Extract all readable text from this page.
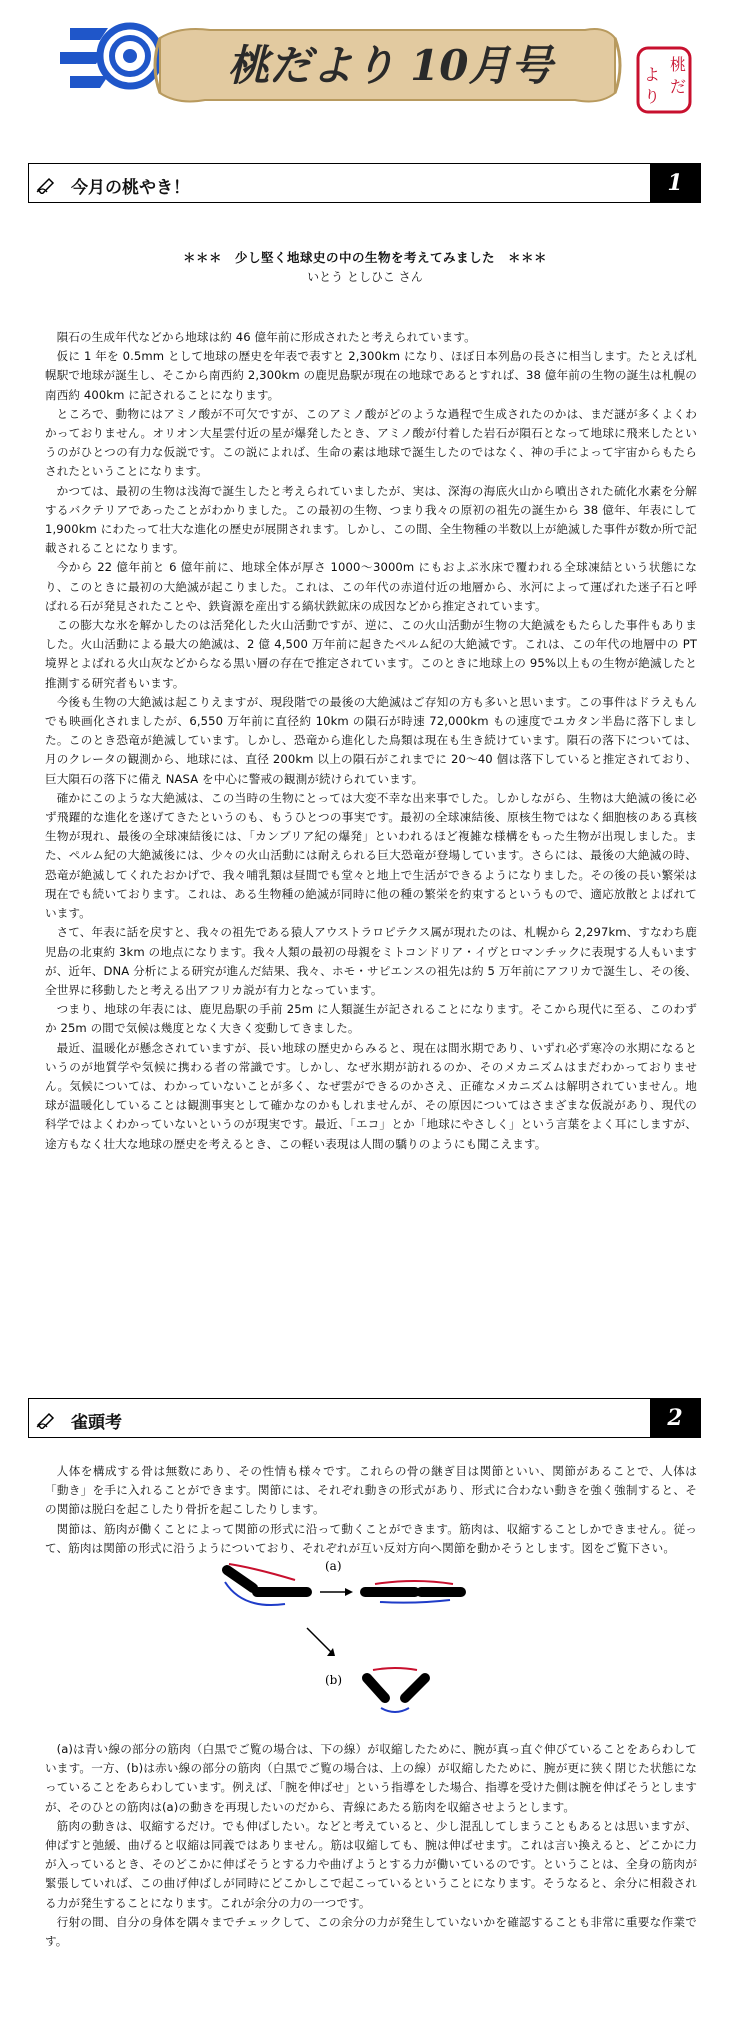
桃だより 10月号	桃
だ
よ
り
今月の桃やき！	1
＊＊＊　少し堅く地球史の中の生物を考えてみました　＊＊＊
いとう としひこ さん

隕石の生成年代などから地球は約 46 億年前に形成されたと考えられています。

仮に 1 年を 0.5mm として地球の歴史を年表で表すと 2,300km になり、ほぼ日本列島の長さに相当します。たとえば札幌駅で地球が誕生し、そこから南西約 2,300km の鹿児島駅が現在の地球であるとすれば、38 億年前の生物の誕生は札幌の南西約 400km に記されることになります。

ところで、動物にはアミノ酸が不可欠ですが、このアミノ酸がどのような過程で生成されたのかは、まだ謎が多くよくわかっておりません。オリオン大星雲付近の星が爆発したとき、アミノ酸が付着した岩石が隕石となって地球に飛来したというのがひとつの有力な仮説です。この説によれば、生命の素は地球で誕生したのではなく、神の手によって宇宙からもたらされたということになります。

かつては、最初の生物は浅海で誕生したと考えられていましたが、実は、深海の海底火山から噴出された硫化水素を分解するバクテリアであったことがわかりました。この最初の生物、つまり我々の原初の祖先の誕生から 38 億年、年表にして 1,900km にわたって壮大な進化の歴史が展開されます。しかし、この間、全生物種の半数以上が絶滅した事件が数か所で記載されることになります。

今から 22 億年前と 6 億年前に、地球全体が厚さ 1000～3000m にもおよぶ氷床で覆われる全球凍結という状態になり、このときに最初の大絶滅が起こりました。これは、この年代の赤道付近の地層から、氷河によって運ばれた迷子石と呼ばれる石が発見されたことや、鉄資源を産出する縞状鉄鉱床の成因などから推定されています。

この膨大な氷を解かしたのは活発化した火山活動ですが、逆に、この火山活動が生物の大絶滅をもたらした事件もありました。火山活動による最大の絶滅は、2 億 4,500 万年前に起きたペルム紀の大絶滅です。これは、この年代の地層中の PT 境界とよばれる火山灰などからなる黒い層の存在で推定されています。このときに地球上の 95%以上もの生物が絶滅したと推測する研究者もいます。

今後も生物の大絶滅は起こりえますが、現段階での最後の大絶滅はご存知の方も多いと思います。この事件はドラえもんでも映画化されましたが、6,550 万年前に直径約 10km の隕石が時速 72,000km もの速度でユカタン半島に落下しました。このとき恐竜が絶滅しています。しかし、恐竜から進化した鳥類は現在も生き続けています。隕石の落下については、月のクレータの観測から、地球には、直径 200km 以上の隕石がこれまでに 20～40 個は落下していると推定されており、巨大隕石の落下に備え NASA を中心に警戒の観測が続けられています。

確かにこのような大絶滅は、この当時の生物にとっては大変不幸な出来事でした。しかしながら、生物は大絶滅の後に必ず飛躍的な進化を遂げてきたというのも、もうひとつの事実です。最初の全球凍結後、原核生物ではなく細胞核のある真核生物が現れ、最後の全球凍結後には、「カンブリア紀の爆発」といわれるほど複雑な様構をもった生物が出現しました。また、ペルム紀の大絶滅後には、少々の火山活動には耐えられる巨大恐竜が登場しています。さらには、最後の大絶滅の時、恐竜が絶滅してくれたおかげで、我々哺乳類は昼間でも堂々と地上で生活ができるようになりました。その後の長い繁栄は現在でも続いております。これは、ある生物種の絶滅が同時に他の種の繁栄を約束するというもので、適応放散とよばれています。

さて、年表に話を戻すと、我々の祖先である猿人アウストラロピテクス属が現れたのは、札幌から 2,297km、すなわち鹿児島の北東約 3km の地点になります。我々人類の最初の母親をミトコンドリア・イヴとロマンチックに表現する人もいますが、近年、DNA 分析による研究が進んだ結果、我々、ホモ・サピエンスの祖先は約 5 万年前にアフリカで誕生し、その後、全世界に移動したと考える出アフリカ説が有力となっています。

つまり、地球の年表には、鹿児島駅の手前 25m に人類誕生が記されることになります。そこから現代に至る、このわずか 25m の間で気候は幾度となく大きく変動してきました。

最近、温暖化が懸念されていますが、長い地球の歴史からみると、現在は間氷期であり、いずれ必ず寒冷の氷期になるというのが地質学や気候に携わる者の常識です。しかし、なぜ氷期が訪れるのか、そのメカニズムはまだわかっておりません。気候については、わかっていないことが多く、なぜ雲ができるのかさえ、正確なメカニズムは解明されていません。地球が温暖化していることは観測事実として確かなのかもしれませんが、その原因についてはさまざまな仮説があり、現代の科学ではよくわかっていないというのが現実です。最近、「エコ」とか「地球にやさしく」という言葉をよく耳にしますが、途方もなく壮大な地球の歴史を考えるとき、この軽い表現は人間の驕りのようにも聞こえます。

雀頭考	2

人体を構成する骨は無数にあり、その性情も様々です。これらの骨の継ぎ目は関節といい、関節があることで、人体は「動き」を手に入れることができます。関節には、それぞれ動きの形式があり、形式に合わない動きを強く強制すると、その関節は脱臼を起こしたり骨折を起こしたりします。

関節は、筋肉が働くことによって関節の形式に沿って動くことができます。筋肉は、収縮することしかできません。従って、筋肉は関節の形式に沿うようについており、それぞれが互い反対方向へ関節を動かそうとします。図をご覧下さい。

(a)
(b)

(a)は青い線の部分の筋肉（白黒でご覧の場合は、下の線）が収縮したために、腕が真っ直ぐ伸びていることをあらわしています。一方、(b)は赤い線の部分の筋肉（白黒でご覧の場合は、上の線）が収縮したために、腕が更に狭く閉じた状態になっていることをあらわしています。例えば、「腕を伸ばせ」という指導をした場合、指導を受けた側は腕を伸ばそうとしますが、そのひとの筋肉は(a)の動きを再現したいのだから、青線にあたる筋肉を収縮させようとします。

筋肉の動きは、収縮するだけ。でも伸ばしたい。などと考えていると、少し混乱してしまうこともあるとは思いますが、伸ばすと弛緩、曲げると収縮は同義ではありません。筋は収縮しても、腕は伸ばせます。これは言い換えると、どこかに力が入っているとき、そのどこかに伸ばそうとする力や曲げようとする力が働いているのです。ということは、全身の筋肉が緊張していれば、この曲げ伸ばしが同時にどこかしこで起こっているということになります。そうなると、余分に相殺される力が発生することになります。これが余分の力の一つです。

行射の間、自分の身体を隅々までチェックして、この余分の力が発生していないかを確認することも非常に重要な作業です。
